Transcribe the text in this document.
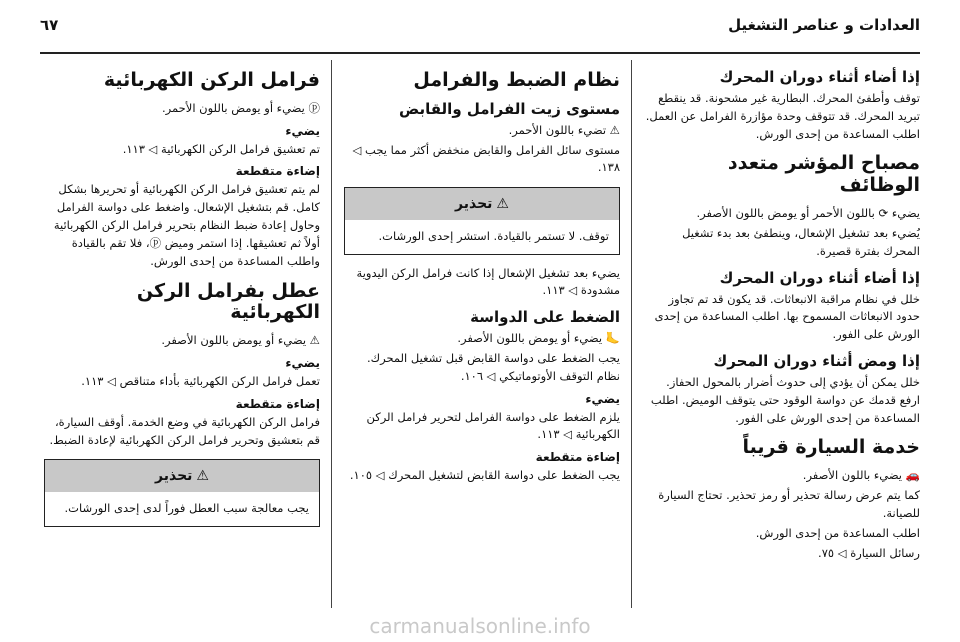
العدادات و عناصر التشغيل
٦٧
إذا أضاء أثناء دوران المحرك

توقف وأطفئ المحرك. البطارية غير مشحونة. قد ينقطع تبريد المحرك. قد تتوقف وحدة مؤازرة الفرامل عن العمل. اطلب المساعدة من إحدى الورش.

مصباح المؤشر متعدد الوظائف

يضيء ⟳ باللون الأحمر أو يومض باللون الأصفر.

يُضيء بعد تشغيل الإشعال، وينطفئ بعد بدء تشغيل المحرك بفترة قصيرة.

إذا أضاء أثناء دوران المحرك

خلل في نظام مراقبة الانبعاثات. قد يكون قد تم تجاوز حدود الانبعاثات المسموح بها. اطلب المساعدة من إحدى الورش على الفور.

إذا ومض أثناء دوران المحرك

خلل يمكن أن يؤدي إلى حدوث أضرار بالمحول الحفاز. ارفع قدمك عن دواسة الوقود حتى يتوقف الوميض. اطلب المساعدة من إحدى الورش على الفور.

خدمة السيارة قريباً

🚗 يضيء باللون الأصفر.

كما يتم عرض رسالة تحذير أو رمز تحذير. تحتاج السيارة للصيانة.

اطلب المساعدة من إحدى الورش.

رسائل السيارة ◁ ٧٥.

نظام الضبط والفرامل
مستوى زيت الفرامل والقابض

⚠ تضيء باللون الأحمر.

مستوى سائل الفرامل والقابض منخفض أكثر مما يجب ◁ ١٣٨.

⚠
تحذير
توقف. لا تستمر بالقيادة. استشر إحدى الورشات.

يضيء بعد تشغيل الإشعال إذا كانت فرامل الركن اليدوية مشدودة ◁ ١١٣.

الضغط على الدواسة

🦶 يضيء أو يومض باللون الأصفر.

يجب الضغط على دواسة القابض قبل تشغيل المحرك. نظام التوقف الأوتوماتيكي ◁ ١٠٦.

يضيء

يلزم الضغط على دواسة الفرامل لتحرير فرامل الركن الكهربائية ◁ ١١٣.

إضاءة متقطعة

يجب الضغط على دواسة القابض لتشغيل المحرك ◁ ١٠٥.

فرامل الركن الكهربائية

ⓟ يضيء أو يومض باللون الأحمر.

يضيء

تم تعشيق فرامل الركن الكهربائية ◁ ١١٣.

إضاءة متقطعة

لم يتم تعشيق فرامل الركن الكهربائية أو تحريرها بشكل كامل. قم بتشغيل الإشعال. واضغط على دواسة الفرامل وحاول إعادة ضبط النظام بتحرير فرامل الركن الكهربائية أولاً ثم تعشيقها. إذا استمر وميض ⓟ، فلا تقم بالقيادة واطلب المساعدة من إحدى الورش.

عطل بفرامل الركن الكهربائية

⚠ يضيء أو يومض باللون الأصفر.

يضيء

تعمل فرامل الركن الكهربائية بأداء متناقص ◁ ١١٣.

إضاءة متقطعة

فرامل الركن الكهربائية في وضع الخدمة. أوقف السيارة، قم بتعشيق وتحرير فرامل الركن الكهربائية لإعادة الضبط.

⚠
تحذير
يجب معالجة سبب العطل فوراً لدى إحدى الورشات.
carmanualsonline.info
